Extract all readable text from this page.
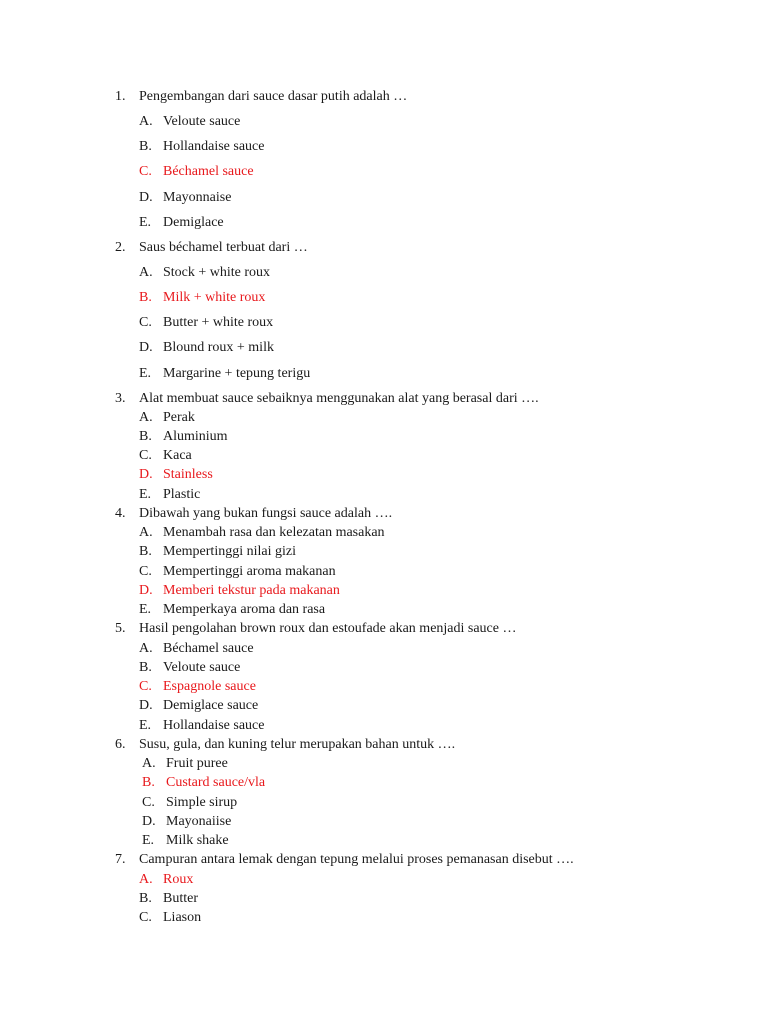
1. Pengembangan dari sauce dasar putih adalah …
A. Veloute sauce
B. Hollandaise sauce
C. Béchamel sauce
D. Mayonnaise
E. Demiglace
2. Saus béchamel terbuat dari …
A. Stock + white roux
B. Milk + white roux
C. Butter + white roux
D. Blound roux + milk
E. Margarine + tepung terigu
3. Alat membuat sauce sebaiknya menggunakan alat yang berasal dari ….
A. Perak
B. Aluminium
C. Kaca
D. Stainless
E. Plastic
4. Dibawah yang bukan fungsi sauce adalah ….
A. Menambah rasa dan kelezatan masakan
B. Mempertinggi nilai gizi
C. Mempertinggi aroma makanan
D. Memberi tekstur pada makanan
E. Memperkaya aroma dan rasa
5. Hasil pengolahan brown roux dan estoufade akan menjadi sauce …
A. Béchamel sauce
B. Veloute sauce
C. Espagnole sauce
D. Demiglace sauce
E. Hollandaise sauce
6. Susu, gula, dan kuning telur merupakan bahan untuk ….
A. Fruit puree
B. Custard sauce/vla
C. Simple sirup
D. Mayonaiise
E. Milk shake
7. Campuran antara lemak dengan tepung melalui proses pemanasan disebut ….
A. Roux
B. Butter
C. Liason
